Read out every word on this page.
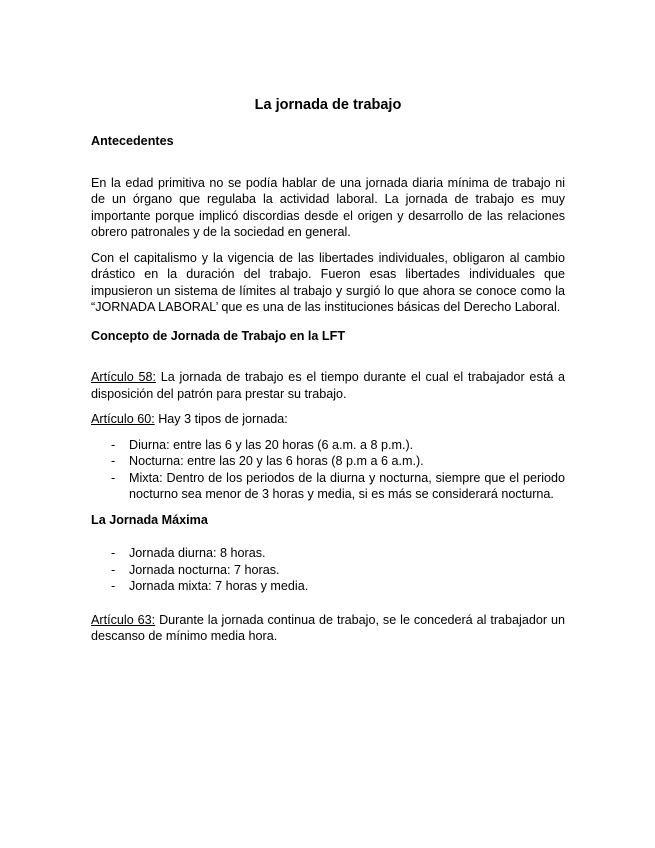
La jornada de trabajo
Antecedentes

En la edad primitiva no se podía hablar de una jornada diaria mínima de trabajo ni de un órgano que regulaba la actividad laboral. La jornada de trabajo es muy importante porque implicó discordias desde el origen y desarrollo de las relaciones obrero patronales y de la sociedad en general.

Con el capitalismo y la vigencia de las libertades individuales, obligaron al cambio drástico en la duración del trabajo. Fueron esas libertades individuales que impusieron un sistema de límites al trabajo y surgió lo que ahora se conoce como la “JORNADA LABORAL’ que es una de las instituciones básicas del Derecho Laboral.

Concepto de Jornada de Trabajo en la LFT

Artículo 58: La jornada de trabajo es el tiempo durante el cual el trabajador está a disposición del patrón para prestar su trabajo.

Artículo 60: Hay 3 tipos de jornada:

- Diurna: entre las 6 y las 20 horas (6 a.m. a 8 p.m.).
- Nocturna: entre las 20 y las 6 horas (8 p.m a 6 a.m.).
- Mixta: Dentro de los periodos de la diurna y nocturna, siempre que el periodo nocturno sea menor de 3 horas y media, si es más se considerará nocturna.
La Jornada Máxima
- Jornada diurna: 8 horas.
- Jornada nocturna: 7 horas.
- Jornada mixta: 7 horas y media.

Artículo 63: Durante la jornada continua de trabajo, se le concederá al trabajador un descanso de mínimo media hora.
